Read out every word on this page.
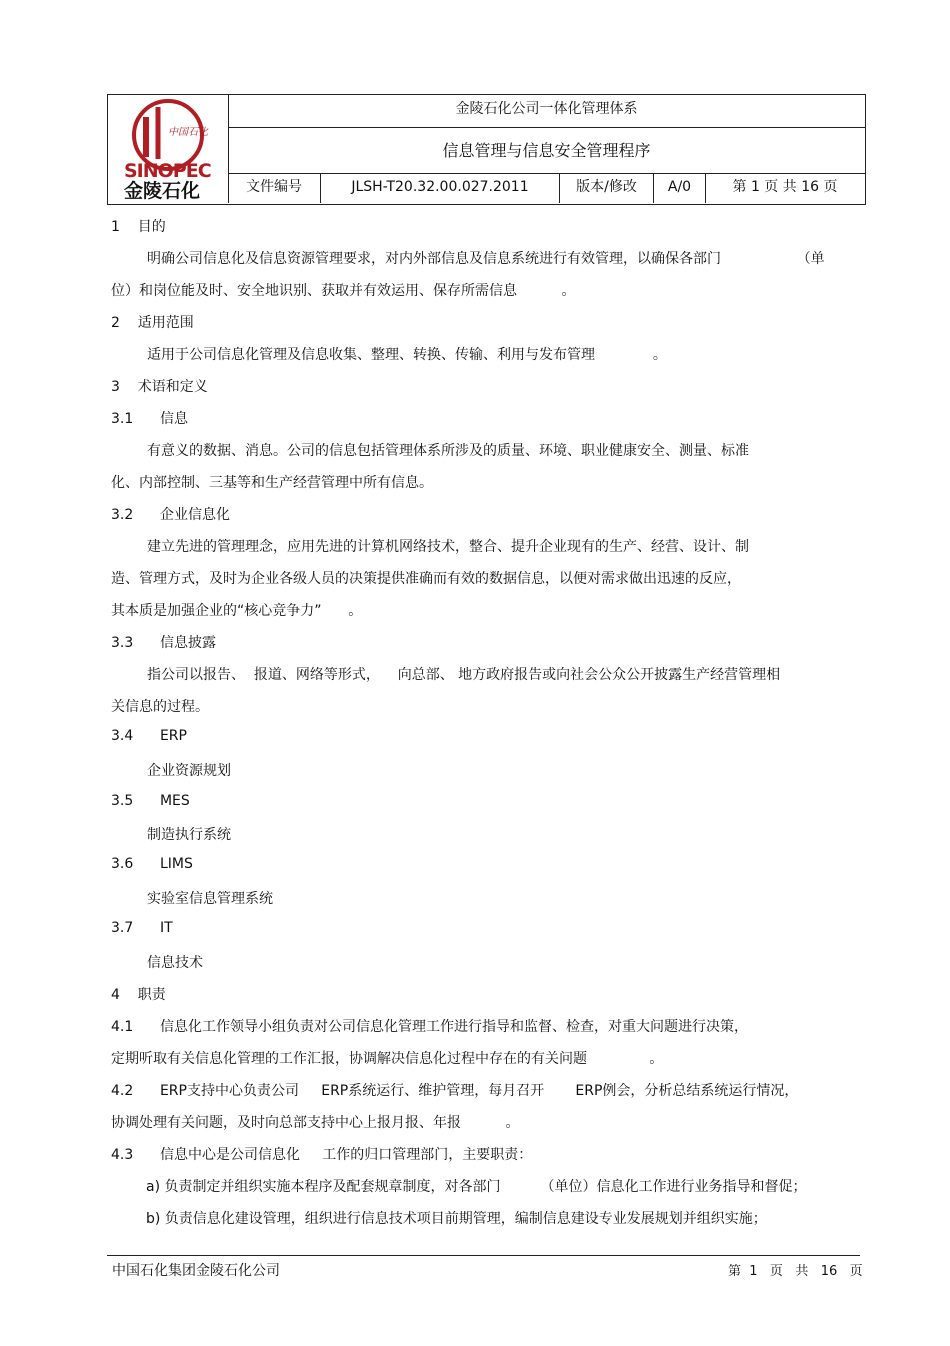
中国石化
SINOPEC
金陵石化
金陵石化公司一体化管理体系
信息管理与信息安全管理程序
文件编号	JLSH-T20.32.00.027.2011	版本/修改	A/0	第 1 页 共 16 页
1    目的
明确公司信息化及信息资源管理要求，对内外部信息及信息系统进行有效管理，以确保各部门                 （单
位）和岗位能及时、安全地识别、获取并有效运用、保存所需信息          。
2    适用范围
适用于公司信息化管理及信息收集、整理、转换、传输、利用与发布管理             。
3    术语和定义
3.1      信息
有意义的数据、消息。公司的信息包括管理体系所涉及的质量、环境、职业健康安全、测量、标准
化、内部控制、三基等和生产经营管理中所有信息。
3.2      企业信息化
建立先进的管理理念，应用先进的计算机网络技术，整合、提升企业现有的生产、经营、设计、制
造、管理方式，及时为企业各级人员的决策提供准确而有效的数据信息，以便对需求做出迅速的反应，
其本质是加强企业的“核心竞争力”      。
3.3      信息披露
指公司以报告、  报道、网络等形式，    向总部、 地方政府报告或向社会公众公开披露生产经营管理相
关信息的过程。
3.4      ERP
企业资源规划
3.5      MES
制造执行系统
3.6      LIMS
实验室信息管理系统
3.7      IT
信息技术
4    职责
4.1      信息化工作领导小组负责对公司信息化管理工作进行指导和监督、检查，对重大问题进行决策，
定期听取有关信息化管理的工作汇报，协调解决信息化过程中存在的有关问题              。
4.2      ERP支持中心负责公司     ERP系统运行、维护管理，每月召开       ERP例会，分析总结系统运行情况，
协调处理有关问题，及时向总部支持中心上报月报、年报          。
4.3      信息中心是公司信息化     工作的归口管理部门，主要职责：
a) 负责制定并组织实施本程序及配套规章制度，对各部门         （单位）信息化工作进行业务指导和督促；
b) 负责信息化建设管理，组织进行信息技术项目前期管理，编制信息建设专业发展规划并组织实施；
中国石化集团金陵石化公司	第  1   页   共   16   页
